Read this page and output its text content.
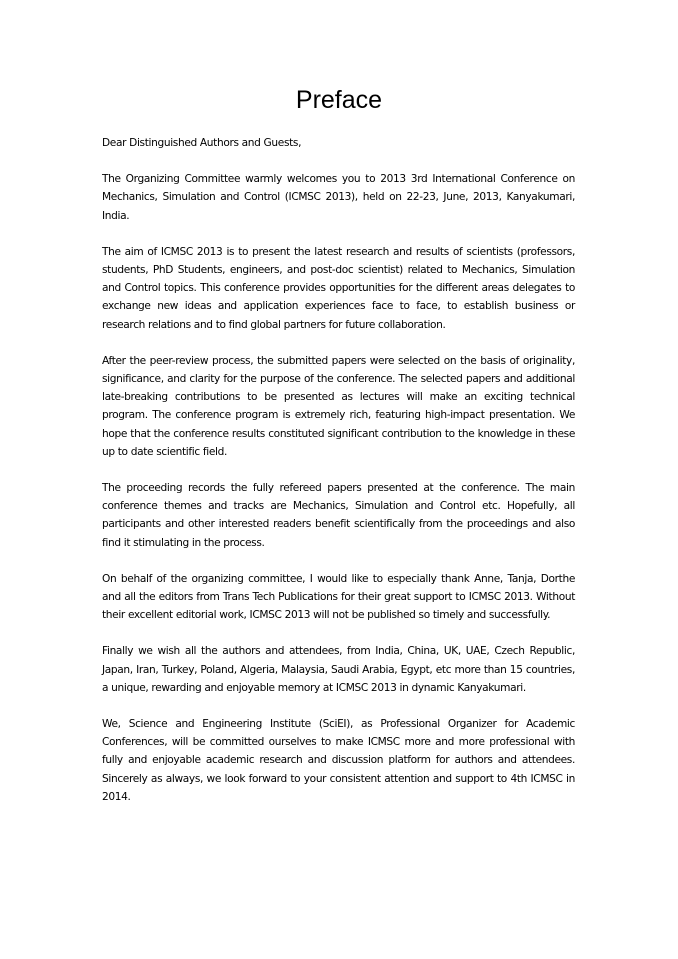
Preface

Dear Distinguished Authors and Guests,

The Organizing Committee warmly welcomes you to 2013 3rd International Conference on Mechanics, Simulation and Control (ICMSC 2013), held on 22-23, June, 2013, Kanyakumari, India.

The aim of ICMSC 2013 is to present the latest research and results of scientists (professors, students, PhD Students, engineers, and post-doc scientist) related to Mechanics, Simulation and Control topics. This conference provides opportunities for the different areas delegates to exchange new ideas and application experiences face to face, to establish business or research relations and to find global partners for future collaboration.

After the peer-review process, the submitted papers were selected on the basis of originality, significance, and clarity for the purpose of the conference. The selected papers and additional late-breaking contributions to be presented as lectures will make an exciting technical program. The conference program is extremely rich, featuring high-impact presentation. We hope that the conference results constituted significant contribution to the knowledge in these up to date scientific field.

The proceeding records the fully refereed papers presented at the conference. The main conference themes and tracks are Mechanics, Simulation and Control etc. Hopefully, all participants and other interested readers benefit scientifically from the proceedings and also find it stimulating in the process.

On behalf of the organizing committee, I would like to especially thank Anne, Tanja, Dorthe and all the editors from Trans Tech Publications for their great support to ICMSC 2013. Without their excellent editorial work, ICMSC 2013 will not be published so timely and successfully.

Finally we wish all the authors and attendees, from India, China, UK, UAE, Czech Republic, Japan, Iran, Turkey, Poland, Algeria, Malaysia, Saudi Arabia, Egypt, etc more than 15 countries, a unique, rewarding and enjoyable memory at ICMSC 2013 in dynamic Kanyakumari.

We, Science and Engineering Institute (SciEI), as Professional Organizer for Academic Conferences, will be committed ourselves to make ICMSC more and more professional with fully and enjoyable academic research and discussion platform for authors and attendees. Sincerely as always, we look forward to your consistent attention and support to 4th ICMSC in 2014.
